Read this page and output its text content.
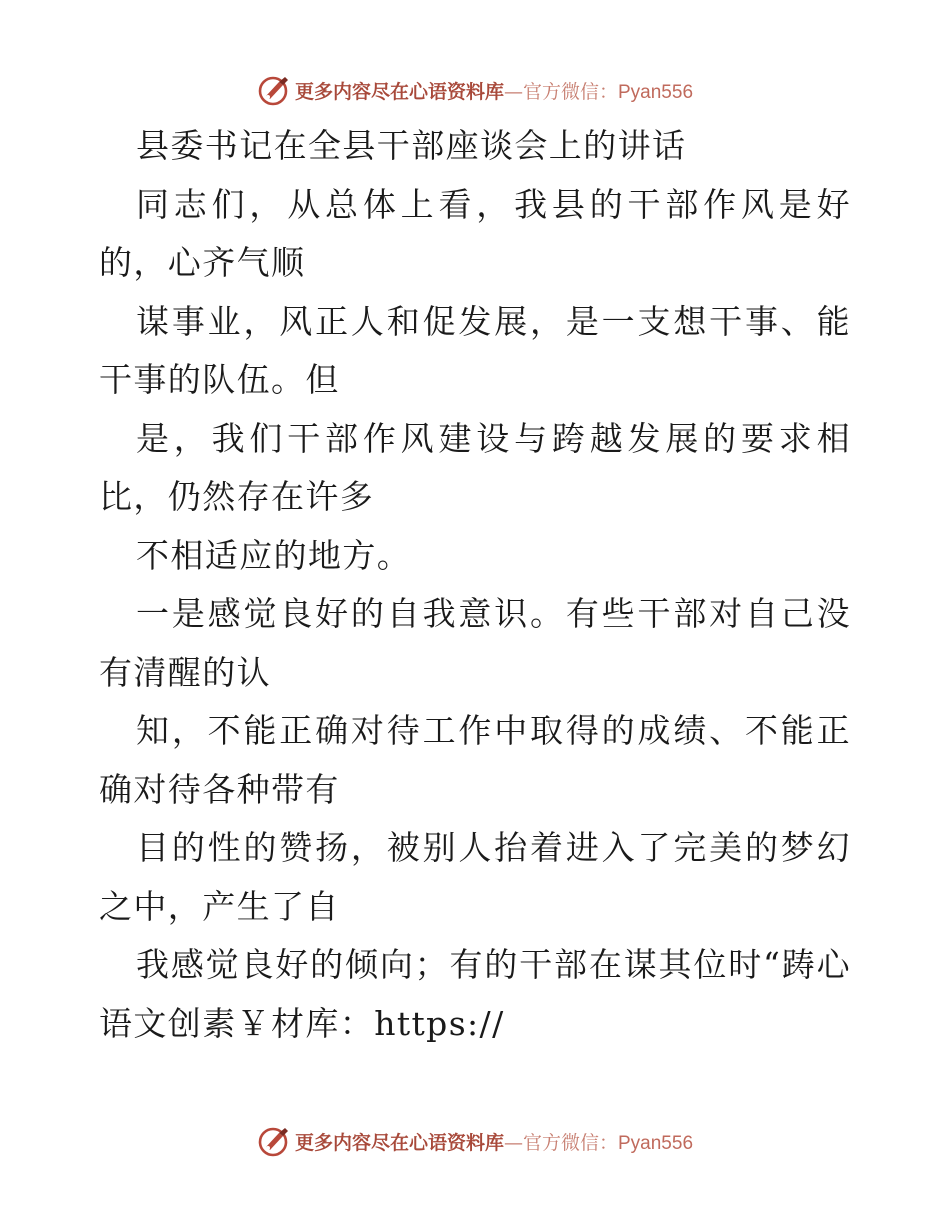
更多内容尽在心语资料库—官方微信：Pyan556

县委书记在全县干部座谈会上的讲话

同志们，从总体上看，我县的干部作风是好的，心齐气顺

谋事业，风正人和促发展，是一支想干事、能干事的队伍。但

是，我们干部作风建设与跨越发展的要求相比，仍然存在许多

不相适应的地方。

一是感觉良好的自我意识。有些干部对自己没有清醒的认

知，不能正确对待工作中取得的成绩、不能正确对待各种带有

目的性的赞扬，被别人抬着进入了完美的梦幻之中，产生了自

我感觉良好的倾向；有的干部在谋其位时“踌心语文创素￥材库：https://

更多内容尽在心语资料库—官方微信：Pyan556
